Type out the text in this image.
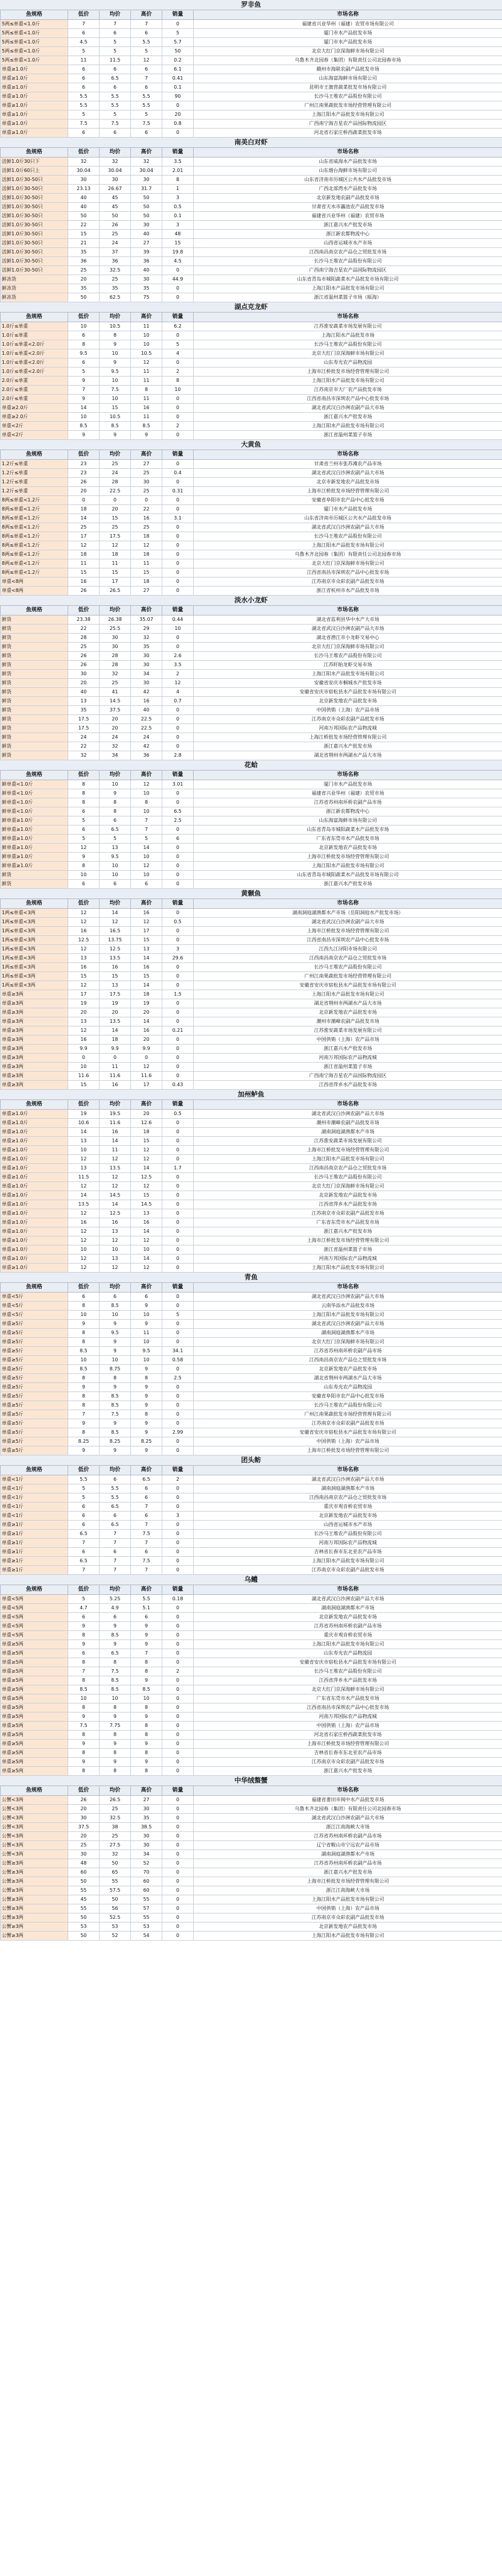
罗非鱼
鱼规格	低价	均价	高价	销量	市场名称
5两≤单重<1.0斤	7	7	7	0	福建省兴业华州（福建）农贸市场有限公司
5两≤单重<1.0斤	6	6	6	5	厦门市水产品批发市场
5两≤单重<1.0斤	4.5	5	5.5	5.7	厦门市水产品批发市场
5两≤单重<1.0斤	5	5	5	50	北京大红门京深海鲜市场有限公司
5两≤单重<1.0斤	11	11.5	12	0.2	乌鲁木齐北园春（集团）有限责任公司北园春市场
单重≥1.0斤	6	6	6	6.1	赣州市海联农副产品批发市场
单重≥1.0斤	6	6.5	7	0.41	山东海富海鲜市场有限公司
单重≥1.0斤	6	6	6	0.1	昆明市王旗营蔬菜批发市场有限公司
单重≥1.0斤	5.5	5.5	5.5	90	长沙马王堆农产品股份有限公司
单重≥1.0斤	5.5	5.5	5.5	0	广州江南果蔬批发市场经营管理有限公司
单重≥1.0斤	5	5	5	20	上海江阳水产品批发市场有限公司
单重≥1.0斤	7.5	7.5	7.5	0.8	广西南宁海吉星农产品国际物流园区
单重≥1.0斤	6	6	6	0	河北省石家庄桥西蔬菜批发市场
南美白对虾
鱼规格	低价	均价	高价	销量	市场名称
活鲜1.0斤30只下	32	32	32	3.5	山东省威海水产品批发市场
活鲜1.0斤60只上	30.04	30.04	30.04	2.01	山东烟台海鲜市场有限公司
活鲜1.0斤30-50只	30	30	30	8	山东省济南市历城区公共水产品批发市场
活鲜1.0斤30-50只	23.13	26.67	31.7	1	广西北部湾水产品批发市场
活鲜1.0斤30-50只	40	45	50	3	北京新发地农副产品批发市场
活鲜1.0斤30-50只	40	45	50	0.5	甘肃省天水市瀛池农产品批发市场
活鲜1.0斤30-50只	50	50	50	0.1	福建省兴业华州（福建）农贸市场
活鲜1.0斤30-50只	22	26	30	3	浙江嘉兴水产批发市场
活鲜1.0斤30-50只	15	25	40	48	浙江新农都物流中心
活鲜1.0斤30-50只	21	24	27	15	山西省运城市水产市场
活鲜1.0斤30-50只	35	37	39	19.8	江西南昌南京农产品仓之贸批发市场
活鲜1.0斤30-50只	36	36	36	4.5	长沙马王堆农产品股份有限公司
活鲜1.0斤30-50只	25	32.5	40	0	广西南宁海吉星农产品国际物流园区
鲜冻货	20	25	30	44.9	山东省青岛市城阳蔬菜水产品批发市场有限公司
鲜冻货	35	35	35	0	上海江阳水产品批发市场有限公司
鲜冻货	50	62.5	75	0	浙江省温州菜篮子市场（瓯海）
湖点克龙虾
鱼规格	低价	均价	高价	销量	市场名称
1.0斤≤单重	10	10.5	11	6.2	江苏淮安蔬菜市场发展有限公司
1.0斤≤单重	6	8	10	0	上海江阳水产品批发市场
1.0斤≤单重<2.0斤	8	9	10	5	长沙马王堆农产品股份有限公司
1.0斤≤单重<2.0斤	9.5	10	10.5	4	北京大红门京深海鲜市场有限公司
1.0斤≤单重<2.0斤	6	9	12	0	山东寿光农产品物流园
1.0斤≤单重<2.0斤	5	9.5	11	2	上海市江桥批发市场经营管理有限公司
2.0斤≤单重	9	10	11	8	上海江阳水产品批发市场有限公司
2.0斤≤单重	7	7.5	8	10	江苏南京市大厂农产品批发市场
2.0斤≤单重	9	10	11	0	江西省南昌市深圳农产品中心批发市场
单重≥2.0斤	14	15	16	0	湖北省武汉白沙洲农副产品大市场
单重≥2.0斤	10	10.5	11	0	浙江嘉兴水产批发市场
单重<2斤	8.5	8.5	8.5	2	上海江阳水产品批发市场有限公司
单重<2斤	9	9	9	0	浙江省温州菜篮子市场
大黄鱼
鱼规格	低价	均价	高价	销量	市场名称
1.2斤≤单重	23	25	27	0	甘肃省兰州市张苏滩农产品市场
1.2斤≤单重	23	24	25	0.4	湖北省武汉白沙洲农副产品大市场
1.2斤≤单重	26	28	30	0	北京市新发地农产品批发市场
1.2斤≤单重	20	22.5	25	0.31	上海市江桥批发市场经营管理有限公司
8两≤单重<1.2斤	0	0	0	0	安徽省阜阳市农产品中心批发市场
8两≤单重<1.2斤	18	20	22	0	厦门市水产品批发市场
8两≤单重<1.2斤	14	15	16	3.1	山东省济南市历城区公共水产品批发市场
8两≤单重<1.2斤	25	25	25	0	湖北省武汉白沙洲农副产品大市场
8两≤单重<1.2斤	17	17.5	18	0	长沙马王堆农产品股份有限公司
8两≤单重<1.2斤	12	12	12	0	上海江阳水产品批发市场有限公司
8两≤单重<1.2斤	18	18	18	0	乌鲁木齐北园春（集团）有限责任公司北园春市场
8两≤单重<1.2斤	11	11	11	0	北京大红门京深海鲜市场有限公司
8两≤单重<1.2斤	15	15	15	0	江西省南昌市深圳农产品中心批发市场
单重<8两	16	17	18	0	江苏南京市众彩农副产品批发市场
单重<8两	26	26.5	27	0	浙江省杭州市水产品批发市场
淡水小龙虾
鱼规格	低价	均价	高价	销量	市场名称
鲜货	23.38	26.38	35.07	0.44	湖北省监利县华中水产大市场
鲜货	22	25.5	29	10	湖北省武汉白沙洲农副产品大市场
鲜货	28	30	32	0	湖北省潜江市小龙虾交易中心
鲜货	25	30	35	0	北京大红门京深海鲜市场有限公司
鲜货	26	28	30	2.6	长沙马王堆农产品股份有限公司
鲜货	26	28	30	3.5	江苏盱眙龙虾交易市场
鲜货	30	32	34	2	上海江阳水产品批发市场有限公司
鲜货	20	25	30	12	安徽省安庆市桐城水产批发市场
鲜货	40	41	42	4	安徽省安庆市宿松县水产品批发市场有限公司
鲜货	13	14.5	16	0.7	北京新发地农产品批发市场
鲜货	35	37.5	40	0	中国供销（上海）农产品市场
鲜货	17.5	20	22.5	0	江苏南京市众彩农副产品批发市场
鲜货	17.5	20	22.5	0	河南万邦国际农产品物流城
鲜货	24	24	24	0	上海江桥批发市场经营管理有限公司
鲜货	22	32	42	0	浙江嘉兴水产批发市场
鲜货	32	34	36	2.8	湖北省荆州市两湖水产品大市场
花蛤
鱼规格	低价	均价	高价	销量	市场名称
鲜单重<1.0斤	8	10	12	3.01	厦门市水产品批发市场
鲜单重<1.0斤	8	9	10	0	福建省兴业华州（福建）农贸市场
鲜单重<1.0斤	8	8	8	0	江苏省苏州南环桥农副产品市场
鲜单重<1.0斤	6	8	10	6.5	浙江新农都物流中心
鲜单重≥1.0斤	5	6	7	2.5	山东海富海鲜市场有限公司
鲜单重≥1.0斤	6	6.5	7	0	山东省青岛市城阳蔬菜水产品批发市场
鲜单重≥1.0斤	5	5	5	6	广东省东莞市水产品批发市场
鲜单重≥1.0斤	12	13	14	0	北京新发地农产品批发市场
鲜单重≥1.0斤	9	9.5	10	0	上海市江桥批发市场经营管理有限公司
鲜单重≥1.0斤	8	10	12	0	上海江阳水产品批发市场有限公司
鲜货	10	10	10	0	山东省青岛市城阳蔬菜水产品批发市场有限公司
鲜货	6	6	6	0	浙江嘉兴水产批发市场
黄颡鱼
鱼规格	低价	均价	高价	销量	市场名称
1两≤单重<3两	12	14	16	0	湖南洞庭湖渔都水产市场（岳阳洞庭水产批发市场）
1两≤单重<3两	12	12	12	0.5	湖北省武汉白沙洲农副产品大市场
1两≤单重<3两	16	16.5	17	0	上海市江桥批发市场经营管理有限公司
1两≤单重<3两	12.5	13.75	15	0	江西省南昌市深圳农产品中心批发市场
1两≤单重<3两	12	12.5	13	3	江西九江浔阳市场有限公司
1两≤单重<3两	13	13.5	14	29.6	江西南昌南京农产品仓之贸批发市场
1两≤单重<3两	16	16	16	0	长沙马王堆农产品股份有限公司
1两≤单重<3两	15	15	15	0	广州江南果蔬批发市场经营管理有限公司
1两≤单重<3两	12	13	14	0	安徽省安庆市宿松县水产品批发市场有限公司
单重≥3两	17	17.5	18	1.5	上海江阳水产品批发市场有限公司
单重≥3两	19	19	19	0	湖北省荆州市两湖水产品大市场
单重≥3两	20	20	20	0	北京新发地农产品批发市场
单重≥3两	13	13.5	14	0	潮州市潮峰农副产品批发市场
单重≥3两	12	14	16	0.21	江苏淮安蔬菜市场发展有限公司
单重≥3两	16	18	20	0	中国供销（上海）农产品市场
单重≥3两	9.9	9.9	9.9	0	浙江嘉兴水产批发市场
单重≥3两	0	0	0	0	河南万邦国际农产品物流城
单重≥3两	10	11	12	0	浙江省温州菜篮子市场
单重≥3两	11.6	11.6	11.6	0	广西南宁海吉星农产品国际物流园区
单重≥3两	15	16	17	0.43	江西省萍乡水产品批发市场
加州鲈鱼
鱼规格	低价	均价	高价	销量	市场名称
单重≥1.0斤	19	19.5	20	0.5	湖北省武汉白沙洲农副产品大市场
单重≥1.0斤	10.6	11.6	12.6	0	潮州市潮峰农副产品批发市场
单重≥1.0斤	14	16	18	0	湖南洞庭湖渔都水产市场
单重≥1.0斤	13	14	15	0	江苏淮安蔬菜市场发展有限公司
单重≥1.0斤	10	11	12	0	上海市江桥批发市场经营管理有限公司
单重≥1.0斤	12	12	12	0	上海江阳水产品批发市场有限公司
单重≥1.0斤	13	13.5	14	1.7	江西南昌南京农产品仓之贸批发市场
单重≥1.0斤	11.5	12	12.5	0	长沙马王堆农产品股份有限公司
单重≥1.0斤	12	12	12	0	北京大红门京深海鲜市场有限公司
单重≥1.0斤	14	14.5	15	0	北京新发地农产品批发市场
单重≥1.0斤	13.5	14	14.5	0	江西省萍乡水产品批发市场
单重≥1.0斤	12	12.5	13	0	江苏南京市众彩农副产品批发市场
单重≥1.0斤	16	16	16	0	广东省东莞市水产品批发市场
单重≥1.0斤	12	13	14	0	浙江嘉兴水产批发市场
单重≥1.0斤	12	12	12	0	上海市江桥批发市场经营管理有限公司
单重≥1.0斤	10	10	10	0	浙江省温州菜篮子市场
单重≥1.0斤	12	13	14	0	河南万邦国际农产品物流城
单重≥1.0斤	12	12	12	0	上海江阳水产品批发市场有限公司
青鱼
鱼规格	低价	均价	高价	销量	市场名称
单重<5斤	6	6	6	0	湖北省武汉白沙洲农副产品大市场
单重<5斤	8	8.5	9	0	云南华添水产品批发市场
单重<5斤	10	10	10	5	上海江阳水产品批发市场有限公司
单重≥5斤	9	9	9	0	湖北省武汉白沙洲农副产品大市场
单重≥5斤	8	9.5	11	0	湖南洞庭湖渔都水产市场
单重≥5斤	8	9	10	0	北京大红门京深海鲜市场有限公司
单重≥5斤	8.5	9	9.5	34.1	江苏省苏州南环桥农副产品市场
单重≥5斤	10	10	10	0.58	江西南昌南京农产品仓之贸批发市场
单重≥5斤	8.5	8.75	9	0	北京新发地农产品批发市场
单重≥5斤	8	8	8	2.5	湖北省荆州市两湖水产品大市场
单重≥5斤	9	9	9	0	山东寿光农产品物流园
单重≥5斤	8	8.5	9	0	安徽省阜阳市农产品中心批发市场
单重≥5斤	8	8.5	9	0	长沙马王堆农产品股份有限公司
单重≥5斤	7	7.5	8	0	广州江南果蔬批发市场经营管理有限公司
单重≥5斤	9	9	9	0	江苏南京市众彩农副产品批发市场
单重≥5斤	8	8.5	9	2.99	安徽省安庆市宿松县水产品批发市场有限公司
单重≥5斤	8.25	8.25	8.25	0	中国供销（上海）农产品市场
单重≥5斤	9	9	9	0	上海市江桥批发市场经营管理有限公司
团头鲂
鱼规格	低价	均价	高价	销量	市场名称
单重<1斤	5.5	6	6.5	2	湖北省武汉白沙洲农副产品大市场
单重<1斤	5	5.5	6	0	湖南洞庭湖渔都水产市场
单重<1斤	5	5.5	6	0	江西南昌南京农产品仓之贸批发市场
单重<1斤	6	6.5	7	0	重庆市观音桥农贸市场
单重<1斤	6	6	6	3	北京新发地农产品批发市场
单重≥1斤	6	6.5	7	0	山西省运城市水产市场
单重≥1斤	6.5	7	7.5	0	长沙马王堆农产品股份有限公司
单重≥1斤	7	7	7	0	河南万邦国际农产品物流城
单重≥1斤	6	6	6	0	吉林省长春市东北亚农产品市场
单重≥1斤	6.5	7	7.5	0	上海江阳水产品批发市场有限公司
单重≥1斤	7	7	7	0	江苏南京市众彩农副产品批发市场
乌鳢
鱼规格	低价	均价	高价	销量	市场名称
单重<5两	5	5.25	5.5	0.18	湖北省武汉白沙洲农副产品大市场
单重<5两	4.7	4.9	5.1	0	湖南洞庭湖渔都水产市场
单重<5两	6	6	6	0	北京新发地农产品批发市场
单重<5两	9	9	9	0	江苏省苏州南环桥农副产品市场
单重<5两	8	8.5	9	0	重庆市观音桥农贸市场
单重≥5两	9	9	9	0	上海江阳水产品批发市场有限公司
单重≥5两	6	6.5	7	0	山东寿光农产品物流园
单重≥5两	8	8	8	0	安徽省安庆市宿松县水产品批发市场有限公司
单重≥5两	7	7.5	8	2	长沙马王堆农产品股份有限公司
单重≥5两	8	8.5	9	0	江西省萍乡水产品批发市场
单重≥5两	8.5	8.5	8.5	0	北京大红门京深海鲜市场有限公司
单重≥5两	10	10	10	0	广东省东莞市水产品批发市场
单重≥5两	8	8	8	0	江西省南昌市深圳农产品中心批发市场
单重≥5两	9	9	9	0	河南万邦国际农产品物流城
单重≥5两	7.5	7.75	8	0	中国供销（上海）农产品市场
单重≥5两	8	8	8	0	河北省石家庄桥西蔬菜批发市场
单重≥5两	9	9	9	0	上海市江桥批发市场经营管理有限公司
单重≥5两	8	8	8	0	吉林省长春市东北亚农产品市场
单重≥5两	9	9	9	0	江苏南京市众彩农副产品批发市场
单重≥5两	8	8	8	0	浙江嘉兴水产批发市场
中华绒螯蟹
鱼规格	低价	均价	高价	销量	市场名称
公蟹<3两	26	26.5	27	0	福建省莆田市闽中水产品批发市场
公蟹<3两	20	25	30	0	乌鲁木齐北园春（集团）有限责任公司北园春市场
公蟹<3两	30	32.5	35	0	湖北省武汉白沙洲农副产品大市场
公蟹<3两	37.5	38	38.5	0	浙江江南海峡大市场
公蟹<3两	20	25	30	0	江苏省苏州南环桥农副产品市场
公蟹<3两	25	27.5	30	0	辽宁省鞍山市宁远农产品市场
公蟹<3两	30	32	34	0	湖南洞庭湖渔都水产市场
公蟹≥3两	48	50	52	0	江苏省苏州南环桥农副产品市场
公蟹≥3两	60	65	70	0	浙江嘉兴水产批发市场
公蟹≥3两	50	55	60	0	上海市江桥批发市场经营管理有限公司
公蟹≥3两	55	57.5	60	0	浙江江南海峡大市场
公蟹≥3两	45	50	55	0	上海江阳水产品批发市场有限公司
公蟹≥3两	55	56	57	0	中国供销（上海）农产品市场
公蟹≥3两	50	52.5	55	0	江苏南京市众彩农副产品批发市场
公蟹≥3两	53	53	53	0	北京新发地农产品批发市场
公蟹≥3两	50	52	54	0	上海江阳水产品批发市场有限公司
